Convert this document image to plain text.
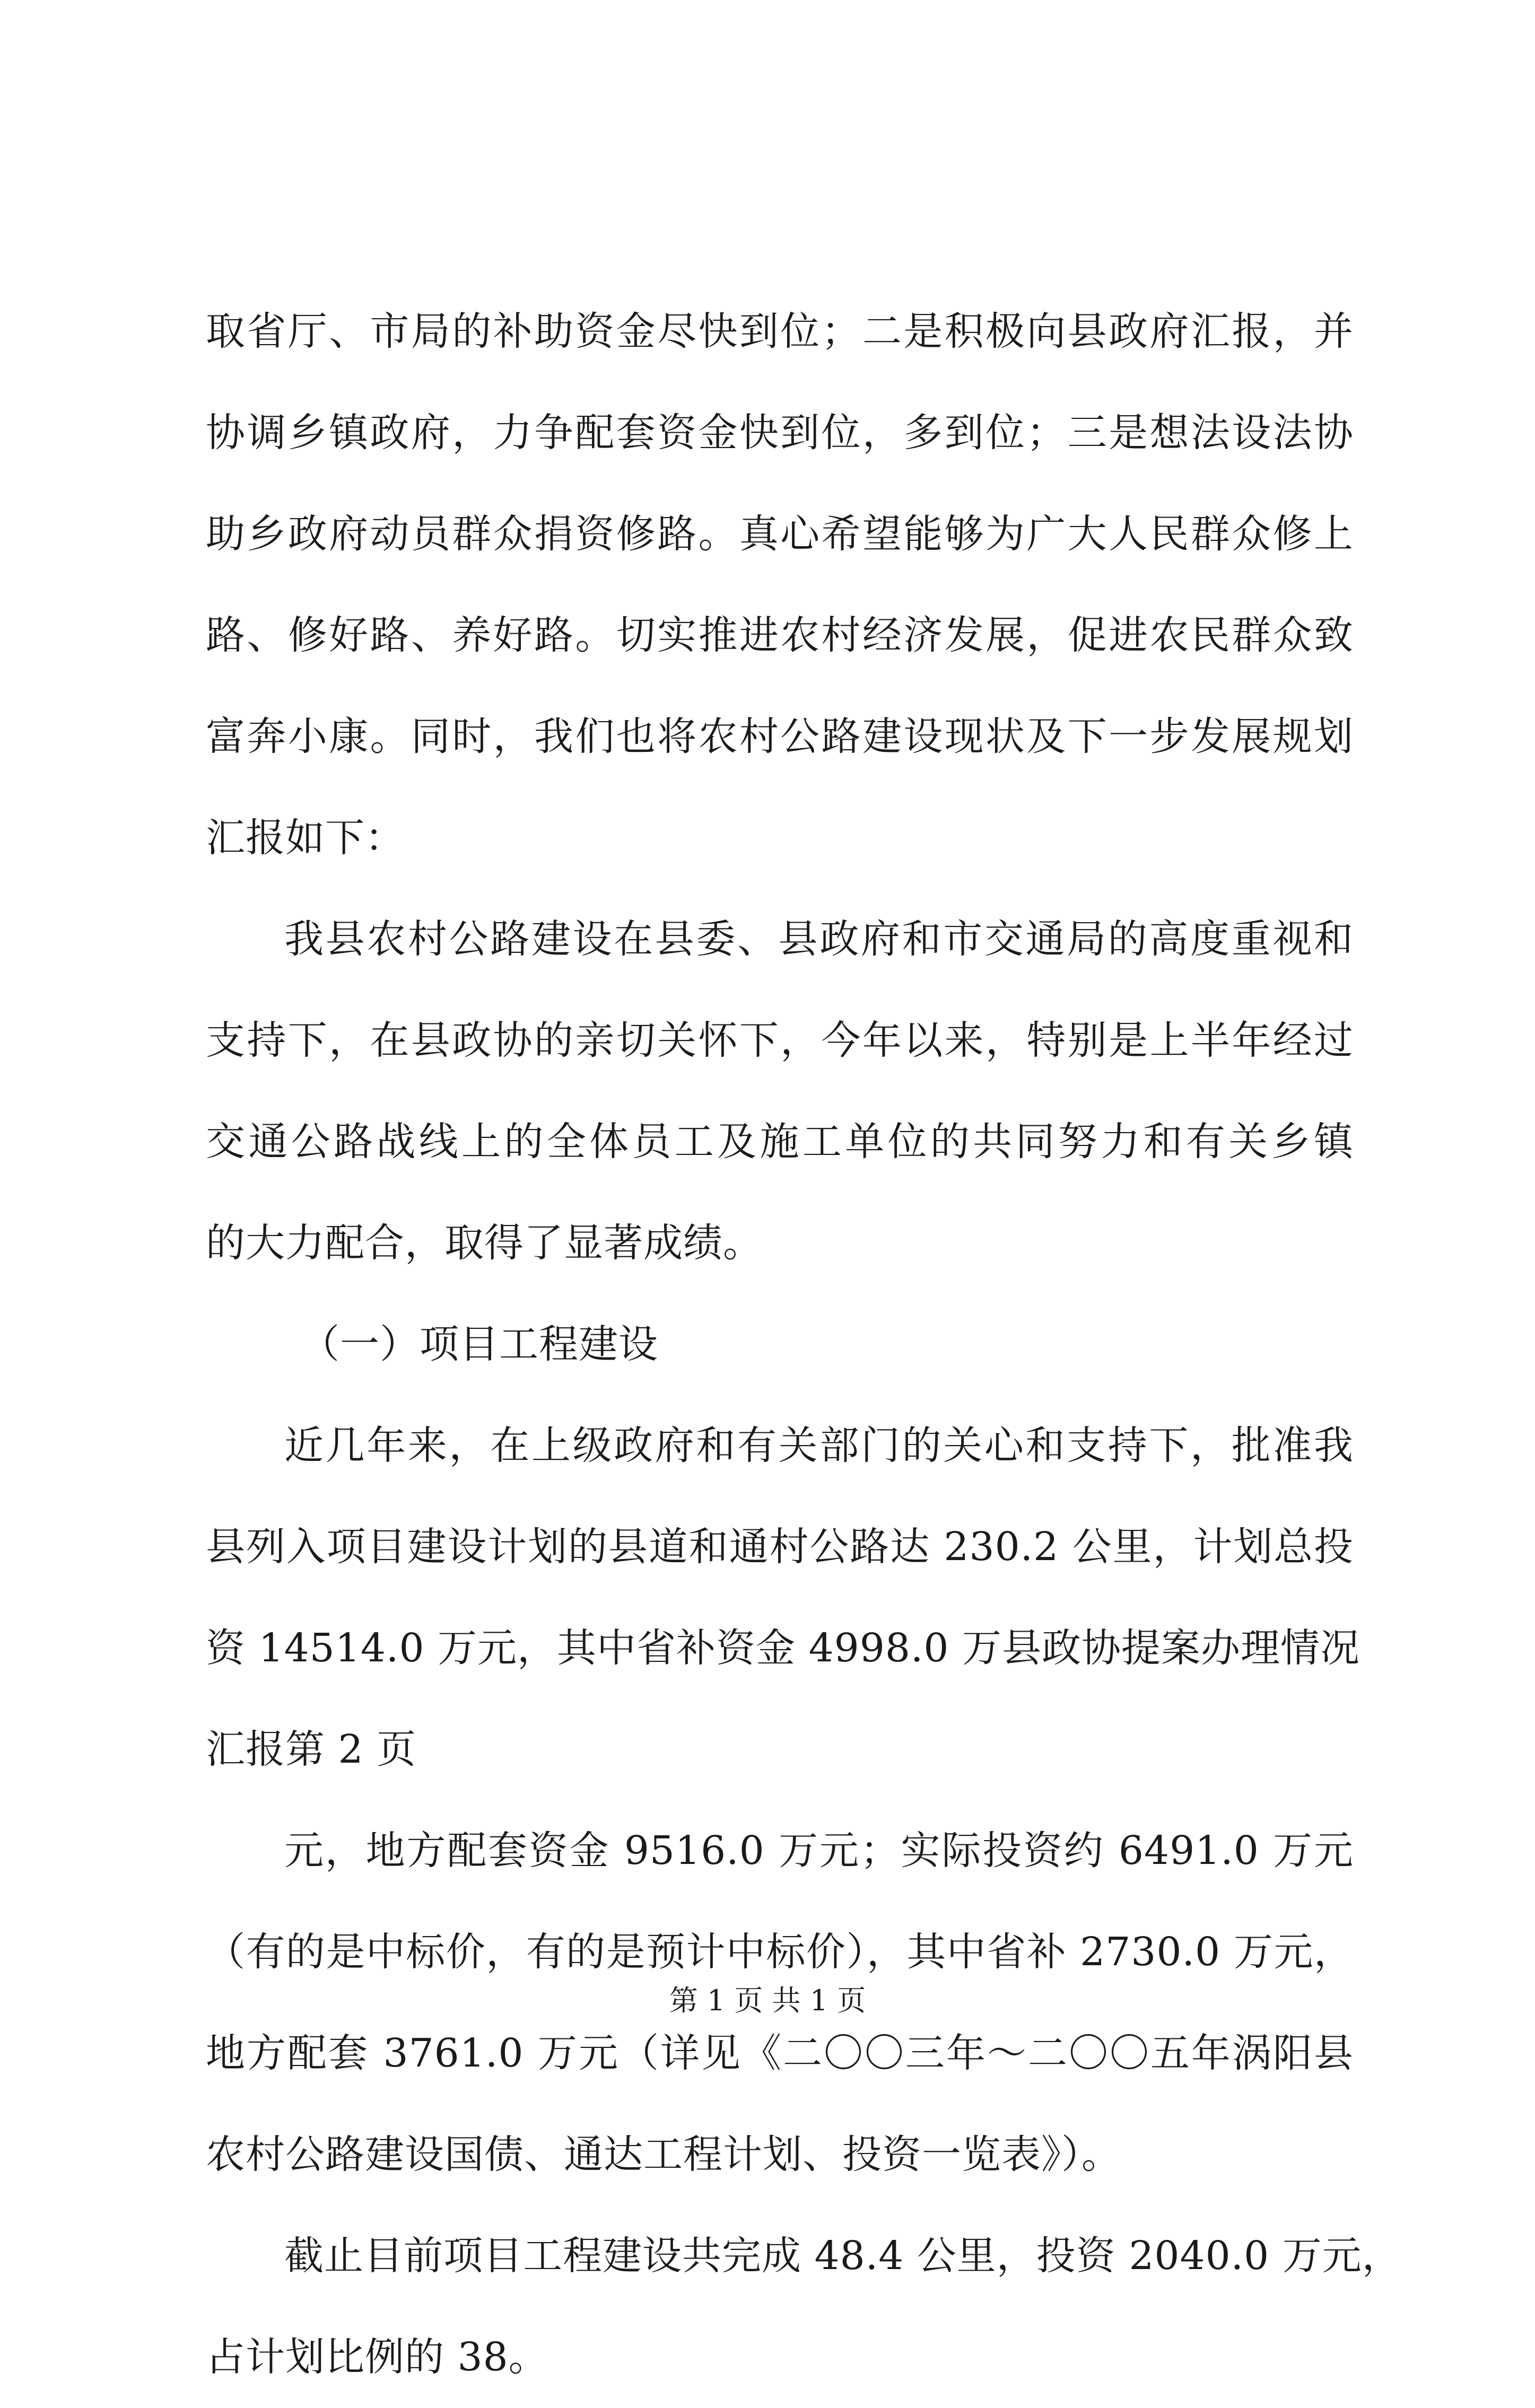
取省厅、市局的补助资金尽快到位；二是积极向县政府汇报，并
协调乡镇政府，力争配套资金快到位，多到位；三是想法设法协
助乡政府动员群众捐资修路。真心希望能够为广大人民群众修上
路、修好路、养好路。切实推进农村经济发展，促进农民群众致
富奔小康。同时，我们也将农村公路建设现状及下一步发展规划
汇报如下：
我县农村公路建设在县委、县政府和市交通局的高度重视和
支持下，在县政协的亲切关怀下，今年以来，特别是上半年经过
交通公路战线上的全体员工及施工单位的共同努力和有关乡镇
的大力配合，取得了显著成绩。
（一）项目工程建设
近几年来，在上级政府和有关部门的关心和支持下，批准我
县列入项目建设计划的县道和通村公路达 230.2 公里，计划总投
资 14514.0 万元，其中省补资金 4998.0 万县政协提案办理情况
汇报第 2 页
元，地方配套资金 9516.0 万元；实际投资约 6491.0 万元
（有的是中标价，有的是预计中标价），其中省补 2730.0 万元，
地方配套 3761.0 万元（详见《二〇〇三年～二〇〇五年涡阳县
农村公路建设国债、通达工程计划、投资一览表》）。
截止目前项目工程建设共完成 48.4 公里，投资 2040.0 万元，
占计划比例的 38。
第 1 页 共 1 页
